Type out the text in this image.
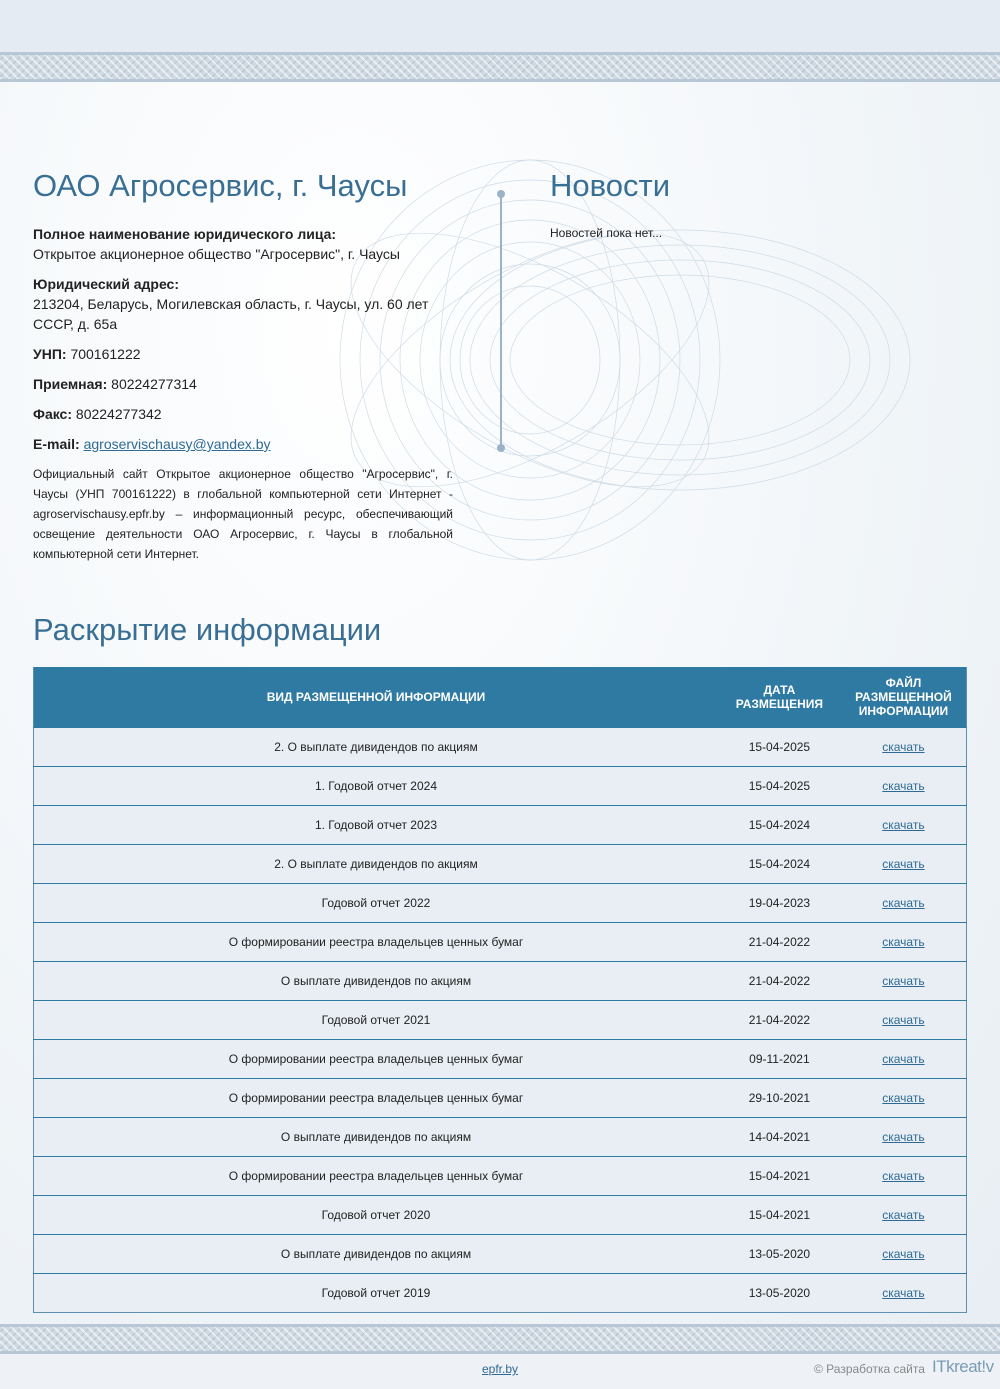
ОАО Агросервис, г. Чаусы
Полное наименование юридического лица:
Открытое акционерное общество "Агросервис", г. Чаусы
Юридический адрес:
213204, Беларусь, Могилевская область, г. Чаусы, ул. 60 лет СССР, д. 65а
УНП: 700161222
Приемная: 80224277314
Факс: 80224277342
E-mail: agroservischausy@yandex.by
Официальный сайт Открытое акционерное общество "Агросервис", г. Чаусы (УНП 700161222) в глобальной компьютерной сети Интернет - agroservischausy.epfr.by – информационный ресурс, обеспечивающий освещение деятельности ОАО Агросервис, г. Чаусы в глобальной компьютерной сети Интернет.
Новости
Новостей пока нет...
Раскрытие информации
ВИД РАЗМЕЩЕННОЙ ИНФОРМАЦИИ	ДАТА РАЗМЕЩЕНИЯ	ФАЙЛ РАЗМЕЩЕННОЙ ИНФОРМАЦИИ
2. О выплате дивидендов по акциям	15-04-2025	скачать
1. Годовой отчет 2024	15-04-2025	скачать
1. Годовой отчет 2023	15-04-2024	скачать
2. О выплате дивидендов по акциям	15-04-2024	скачать
Годовой отчет 2022	19-04-2023	скачать
О формировании реестра владельцев ценных бумаг	21-04-2022	скачать
О выплате дивидендов по акциям	21-04-2022	скачать
Годовой отчет 2021	21-04-2022	скачать
О формировании реестра владельцев ценных бумаг	09-11-2021	скачать
О формировании реестра владельцев ценных бумаг	29-10-2021	скачать
О выплате дивидендов по акциям	14-04-2021	скачать
О формировании реестра владельцев ценных бумаг	15-04-2021	скачать
Годовой отчет 2020	15-04-2021	скачать
О выплате дивидендов по акциям	13-05-2020	скачать
Годовой отчет 2019	13-05-2020	скачать
epfr.by	© Разработка сайта ITkreat!v
